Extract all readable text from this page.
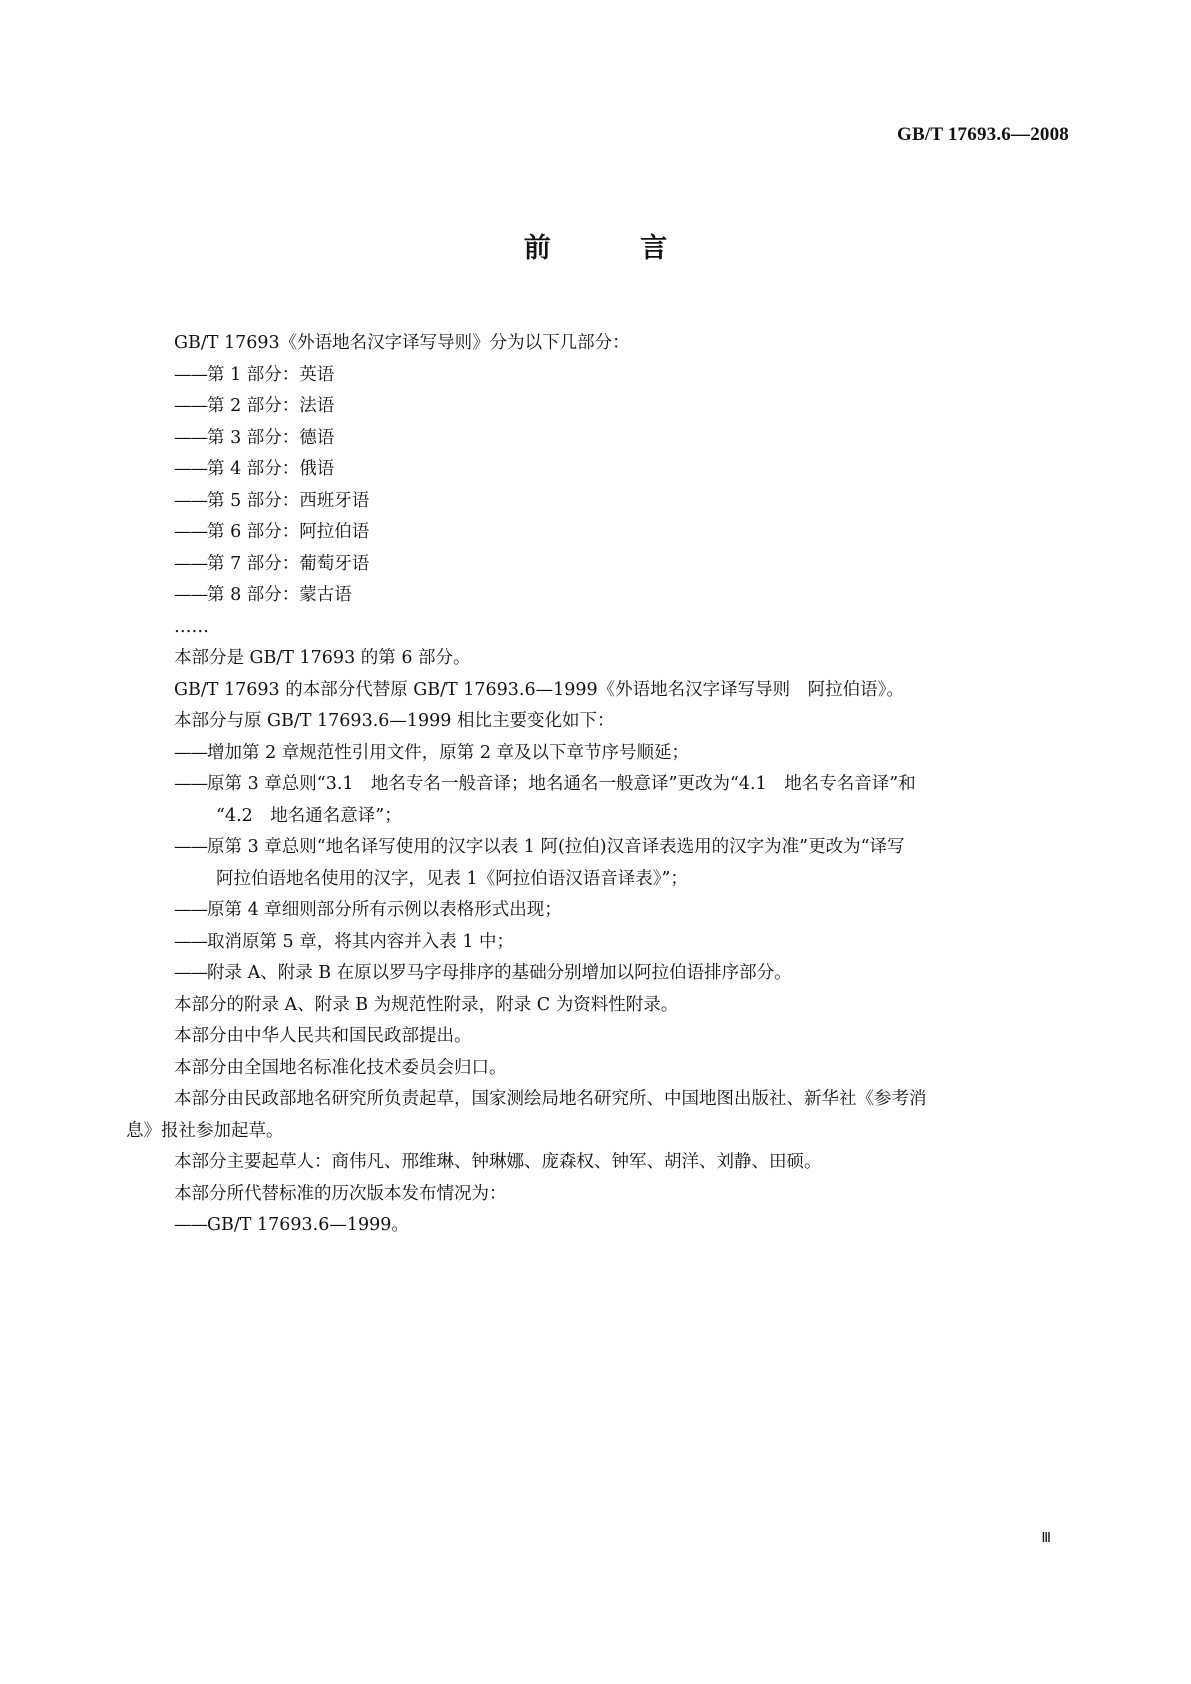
GB/T 17693.6—2008
前 言
GB/T 17693《外语地名汉字译写导则》分为以下几部分：
——第 1 部分：英语
——第 2 部分：法语
——第 3 部分：德语
——第 4 部分：俄语
——第 5 部分：西班牙语
——第 6 部分：阿拉伯语
——第 7 部分：葡萄牙语
——第 8 部分：蒙古语
……
本部分是 GB/T 17693 的第 6 部分。
GB/T 17693 的本部分代替原 GB/T 17693.6—1999《外语地名汉字译写导则　阿拉伯语》。
本部分与原 GB/T 17693.6—1999 相比主要变化如下：
——增加第 2 章规范性引用文件，原第 2 章及以下章节序号顺延；
——原第 3 章总则“3.1　地名专名一般音译；地名通名一般意译”更改为“4.1　地名专名音译”和
“4.2　地名通名意译”；
——原第 3 章总则“地名译写使用的汉字以表 1 阿(拉伯)汉音译表选用的汉字为准”更改为“译写
阿拉伯语地名使用的汉字，见表 1《阿拉伯语汉语音译表》”；
——原第 4 章细则部分所有示例以表格形式出现；
——取消原第 5 章，将其内容并入表 1 中；
——附录 A、附录 B 在原以罗马字母排序的基础分别增加以阿拉伯语排序部分。
本部分的附录 A、附录 B 为规范性附录，附录 C 为资料性附录。
本部分由中华人民共和国民政部提出。
本部分由全国地名标准化技术委员会归口。
本部分由民政部地名研究所负责起草，国家测绘局地名研究所、中国地图出版社、新华社《参考消
息》报社参加起草。
本部分主要起草人：商伟凡、邢维琳、钟琳娜、庞森权、钟军、胡洋、刘静、田硕。
本部分所代替标准的历次版本发布情况为：
——GB/T 17693.6—1999。
Ⅲ
